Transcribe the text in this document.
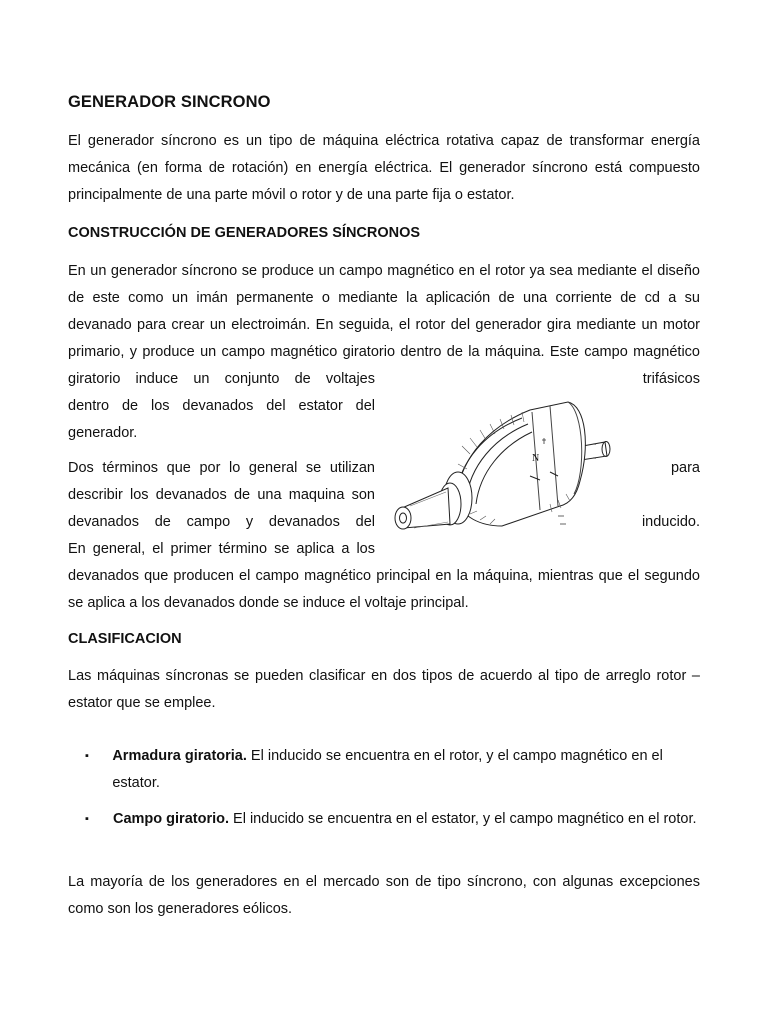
GENERADOR SINCRONO
El generador síncrono es un tipo de máquina eléctrica rotativa capaz de transformar energía
mecánica (en forma de rotación) en energía eléctrica. El generador síncrono está compuesto
principalmente de una parte móvil o rotor y de una parte fija o estator.
CONSTRUCCIÓN DE GENERADORES SÍNCRONOS
En un generador síncrono se produce un campo magnético en el rotor ya sea mediante el diseño
de este como un imán permanente o mediante la aplicación de una corriente de cd a su
devanado para crear un electroimán. En seguida, el rotor del generador gira mediante un motor
primario, y produce un campo magnético giratorio dentro de la máquina. Este campo magnético
giratorio induce un conjunto de voltajes	trifásicos
dentro de los devanados del estator del
generador.
Dos términos que por lo general se utilizan	para
describir los devanados de una maquina son
devanados de campo y devanados del	inducido.
En general, el primer término se aplica a los
devanados que producen el campo magnético principal en la máquina, mientras que el segundo
se aplica a los devanados donde se induce el voltaje principal.
N
CLASIFICACION
Las máquinas síncronas se pueden clasificar en dos tipos de acuerdo al tipo de arreglo rotor –
estator que se emplee.
▪	Armadura giratoria. El inducido se encuentra en el rotor, y el campo magnético en el estator.
▪	Campo giratorio. El inducido se encuentra en el estator, y el campo magnético en el rotor.
La mayoría de los generadores en el mercado son de tipo síncrono, con algunas excepciones
como son los generadores eólicos.
